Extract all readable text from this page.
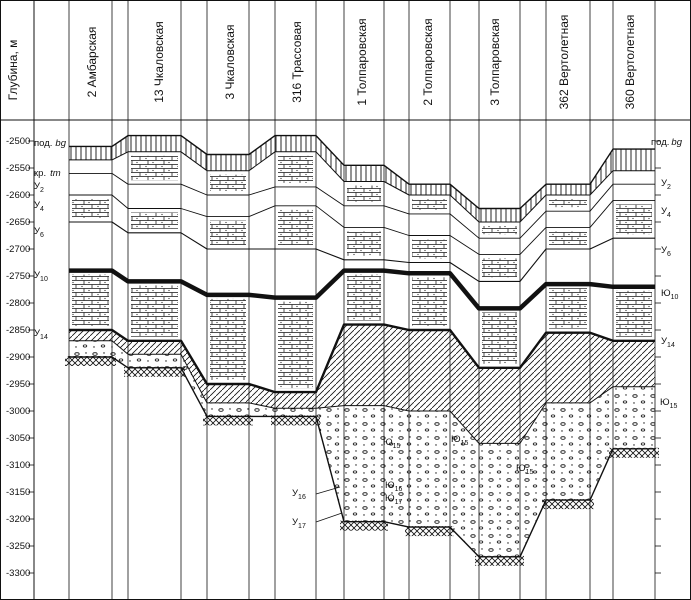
Глубина, м	2 Амбарская	13 Чкаловская	3 Чкаловская	316 Трассовая	1 Толпаровская	2 Толпаровская	3 Толпаровская	362 Вертолетная	360 Вертолетная
-2500
-2550
-2600
-2650
-2700
-2750
-2800
-2850
-2900
-2950
-3000
-3050
-3100
-3150
-3200
-3250
-3300
под. bg
кр. tm
$У_2$
$У_4$
$У_6$
$У_{10}$
$У_{14}$
под. bg
$У_2$
$У_4$
$У_6$
$Ю_{10}$
$У_{14}$
$Ю_{15}$
$Ю_{15}$
$Ю_{15}$
$Ю_{15}$
$Ю_{16}$
$Ю_{17}$
$У_{16}$
$У_{17}$
